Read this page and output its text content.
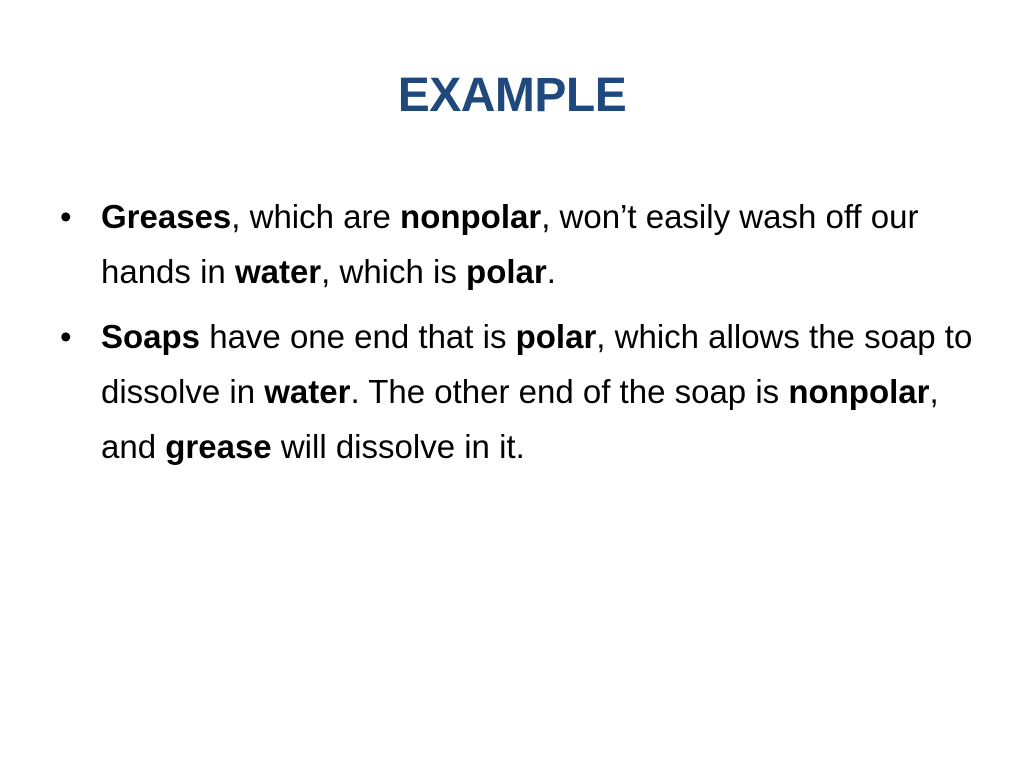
EXAMPLE
• Greases, which are nonpolar, won’t easily wash off our hands in water, which is polar.
• Soaps have one end that is polar, which allows the soap to dissolve in water. The other end of the soap is nonpolar, and grease will dissolve in it.
